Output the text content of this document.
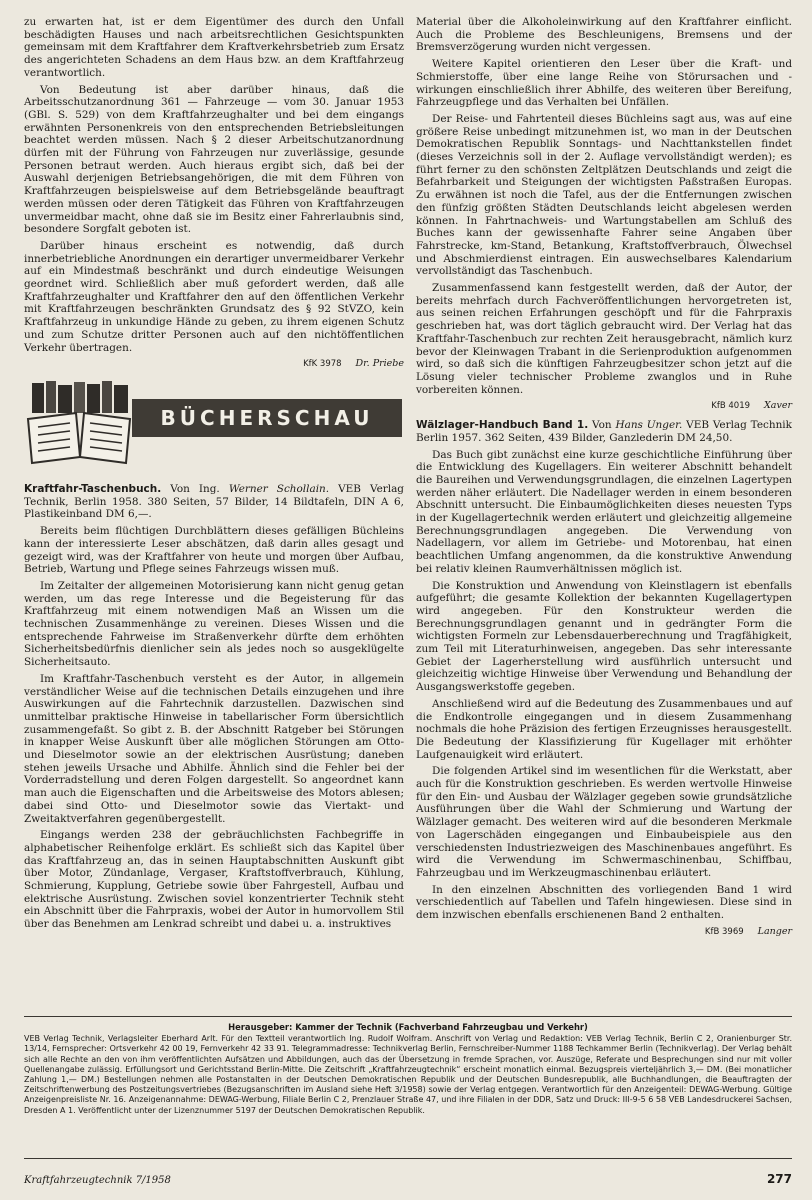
zu erwarten hat, ist er dem Eigentümer des durch den Unfall beschädigten Hauses und nach arbeitsrechtlichen Gesichtspunkten gemeinsam mit dem Kraftfahrer dem Kraftverkehrsbetrieb zum Ersatz des angerichteten Schadens an dem Haus bzw. an dem Kraftfahrzeug verantwortlich.

Von Bedeutung ist aber darüber hinaus, daß die Arbeitsschutzanordnung 361 — Fahrzeuge — vom 30. Januar 1953 (GBl. S. 529) von dem Kraftfahrzeughalter und bei dem eingangs erwähnten Personenkreis von den entsprechenden Betriebsleitungen beachtet werden müssen. Nach § 2 dieser Arbeitschutzanordnung dürfen mit der Führung von Fahrzeugen nur zuverlässige, gesunde Personen betraut werden. Auch hieraus ergibt sich, daß bei der Auswahl derjenigen Betriebsangehörigen, die mit dem Führen von Kraftfahrzeugen beispielsweise auf dem Betriebsgelände beauftragt werden müssen oder deren Tätigkeit das Führen von Kraftfahrzeugen unvermeidbar macht, ohne daß sie im Besitz einer Fahrerlaubnis sind, besondere Sorgfalt geboten ist.

Darüber hinaus erscheint es notwendig, daß durch innerbetriebliche Anordnungen ein derartiger unvermeidbarer Verkehr auf ein Mindestmaß beschränkt und durch eindeutige Weisungen geordnet wird. Schließlich aber muß gefordert werden, daß alle Kraftfahrzeughalter und Kraftfahrer den auf den öffentlichen Verkehr mit Kraftfahrzeugen beschränkten Grundsatz des § 92 StVZO, kein Kraftfahrzeug in unkundige Hände zu geben, zu ihrem eigenen Schutz und zum Schutze dritter Personen auch auf den nichtöffentlichen Verkehr übertragen.

KfK 3978 Dr. Priebe
BÜCHERSCHAU

Kraftfahr-Taschenbuch. Von Ing. Werner Schollain. VEB Verlag Technik, Berlin 1958. 380 Seiten, 57 Bilder, 14 Bildtafeln, DIN A 6, Plastikeinband DM 6,—.

Bereits beim flüchtigen Durchblättern dieses gefälligen Büchleins kann der interessierte Leser abschätzen, daß darin alles gesagt und gezeigt wird, was der Kraftfahrer von heute und morgen über Aufbau, Betrieb, Wartung und Pflege seines Fahrzeugs wissen muß.

Im Zeitalter der allgemeinen Motorisierung kann nicht genug getan werden, um das rege Interesse und die Begeisterung für das Kraftfahrzeug mit einem notwendigen Maß an Wissen um die technischen Zusammenhänge zu vereinen. Dieses Wissen und die entsprechende Fahrweise im Straßenverkehr dürfte dem erhöhten Sicherheitsbedürfnis dienlicher sein als jedes noch so ausgeklügelte Sicherheitsauto.

Im Kraftfahr-Taschenbuch versteht es der Autor, in allgemein verständlicher Weise auf die technischen Details einzugehen und ihre Auswirkungen auf die Fahrtechnik darzustellen. Dazwischen sind unmittelbar praktische Hinweise in tabellarischer Form übersichtlich zusammengefaßt. So gibt z. B. der Abschnitt Ratgeber bei Störungen in knapper Weise Auskunft über alle möglichen Störungen am Otto- und Dieselmotor sowie an der elektrischen Ausrüstung; daneben stehen jeweils Ursache und Abhilfe. Ähnlich sind die Fehler bei der Vorderradstellung und deren Folgen dargestellt. So angeordnet kann man auch die Eigenschaften und die Arbeitsweise des Motors ablesen; dabei sind Otto- und Dieselmotor sowie das Viertakt- und Zweitaktverfahren gegenübergestellt.

Eingangs werden 238 der gebräuchlichsten Fachbegriffe in alphabetischer Reihenfolge erklärt. Es schließt sich das Kapitel über das Kraftfahrzeug an, das in seinen Hauptabschnitten Auskunft gibt über Motor, Zündanlage, Vergaser, Kraftstoffverbrauch, Kühlung, Schmierung, Kupplung, Getriebe sowie über Fahrgestell, Aufbau und elektrische Ausrüstung. Zwischen soviel konzentrierter Technik steht ein Abschnitt über die Fahrpraxis, wobei der Autor in humorvollem Stil über das Benehmen am Lenkrad schreibt und dabei u. a. instruktives

Material über die Alkoholeinwirkung auf den Kraftfahrer einflicht. Auch die Probleme des Beschleunigens, Bremsens und der Bremsverzögerung wurden nicht vergessen.

Weitere Kapitel orientieren den Leser über die Kraft- und Schmierstoffe, über eine lange Reihe von Störursachen und -wirkungen einschließlich ihrer Abhilfe, des weiteren über Bereifung, Fahrzeugpflege und das Verhalten bei Unfällen.

Der Reise- und Fahrtenteil dieses Büchleins sagt aus, was auf eine größere Reise unbedingt mitzunehmen ist, wo man in der Deutschen Demokratischen Republik Sonntags- und Nachttankstellen findet (dieses Verzeichnis soll in der 2. Auflage vervollständigt werden); es führt ferner zu den schönsten Zeltplätzen Deutschlands und zeigt die Befahrbarkeit und Steigungen der wichtigsten Paßstraßen Europas. Zu erwähnen ist noch die Tafel, aus der die Entfernungen zwischen den fünfzig größten Städten Deutschlands leicht abgelesen werden können. In Fahrtnachweis- und Wartungstabellen am Schluß des Buches kann der gewissenhafte Fahrer seine Angaben über Fahrstrecke, km-Stand, Betankung, Kraftstoffverbrauch, Ölwechsel und Abschmierdienst eintragen. Ein auswechselbares Kalendarium vervollständigt das Taschenbuch.

Zusammenfassend kann festgestellt werden, daß der Autor, der bereits mehrfach durch Fachveröffentlichungen hervorgetreten ist, aus seinen reichen Erfahrungen geschöpft und für die Fahrpraxis geschrieben hat, was dort täglich gebraucht wird. Der Verlag hat das Kraftfahr-Taschenbuch zur rechten Zeit herausgebracht, nämlich kurz bevor der Kleinwagen Trabant in die Serienproduktion aufgenommen wird, so daß sich die künftigen Fahrzeugbesitzer schon jetzt auf die Lösung vieler technischer Probleme zwanglos und in Ruhe vorbereiten können.

KfB 4019 Xaver

Wälzlager-Handbuch Band 1. Von Hans Unger. VEB Verlag Technik Berlin 1957. 362 Seiten, 439 Bilder, Ganzlederin DM 24,50.

Das Buch gibt zunächst eine kurze geschichtliche Einführung über die Entwicklung des Kugellagers. Ein weiterer Abschnitt behandelt die Baureihen und Verwendungsgrundlagen, die einzelnen Lagertypen werden näher erläutert. Die Nadellager werden in einem besonderen Abschnitt untersucht. Die Einbaumöglichkeiten dieses neuesten Typs in der Kugellagertechnik werden erläutert und gleichzeitig allgemeine Berechnungsgrundlagen angegeben. Die Verwendung von Nadellagern, vor allem im Getriebe- und Motorenbau, hat einen beachtlichen Umfang angenommen, da die konstruktive Anwendung bei relativ kleinen Raumverhältnissen möglich ist.

Die Konstruktion und Anwendung von Kleinstlagern ist ebenfalls aufgeführt; die gesamte Kollektion der bekannten Kugellagertypen wird angegeben. Für den Konstrukteur werden die Berechnungsgrundlagen genannt und in gedrängter Form die wichtigsten Formeln zur Lebensdauerberechnung und Tragfähigkeit, zum Teil mit Literaturhinweisen, angegeben. Das sehr interessante Gebiet der Lagerherstellung wird ausführlich untersucht und gleichzeitig wichtige Hinweise über Verwendung und Behandlung der Ausgangswerkstoffe gegeben.

Anschließend wird auf die Bedeutung des Zusammenbaues und auf die Endkontrolle eingegangen und in diesem Zusammenhang nochmals die hohe Präzision des fertigen Erzeugnisses herausgestellt. Die Bedeutung der Klassifizierung für Kugellager mit erhöhter Laufgenauigkeit wird erläutert.

Die folgenden Artikel sind im wesentlichen für die Werkstatt, aber auch für die Konstruktion geschrieben. Es werden wertvolle Hinweise für den Ein- und Ausbau der Wälzlager gegeben sowie grundsätzliche Ausführungen über die Wahl der Schmierung und Wartung der Wälzlager gemacht. Des weiteren wird auf die besonderen Merkmale von Lagerschäden eingegangen und Einbaubeispiele aus den verschiedensten Industriezweigen des Maschinenbaues angeführt. Es wird die Verwendung im Schwermaschinenbau, Schiffbau, Fahrzeugbau und im Werkzeugmaschinenbau erläutert.

In den einzelnen Abschnitten des vorliegenden Band 1 wird verschiedentlich auf Tabellen und Tafeln hingewiesen. Diese sind in dem inzwischen ebenfalls erschienenen Band 2 enthalten.

KfB 3969 Langer
Herausgeber: Kammer der Technik (Fachverband Fahrzeugbau und Verkehr)
VEB Verlag Technik, Verlagsleiter Eberhard Arlt. Für den Textteil verantwortlich Ing. Rudolf Wolfram. Anschrift von Verlag und Redaktion: VEB Verlag Technik, Berlin C 2, Oranienburger Str. 13/14, Fernsprecher: Ortsverkehr 42 00 19, Fernverkehr 42 33 91. Telegrammadresse: Technikverlag Berlin, Fernschreiber-Nummer 1188 Techkammer Berlin (Technikverlag). Der Verlag behält sich alle Rechte an den von ihm veröffentlichten Aufsätzen und Abbildungen, auch das der Übersetzung in fremde Sprachen, vor. Auszüge, Referate und Besprechungen sind nur mit voller Quellenangabe zulässig. Erfüllungsort und Gerichtsstand Berlin-Mitte. Die Zeitschrift „Kraftfahrzeugtechnik“ erscheint monatlich einmal. Bezugspreis vierteljährlich 3,— DM. (Bei monatlicher Zahlung 1,— DM.) Bestellungen nehmen alle Postanstalten in der Deutschen Demokratischen Republik und der Deutschen Bundesrepublik, alle Buchhandlungen, die Beauftragten der Zeitschriftenwerbung des Postzeitungsvertriebes (Bezugsanschriften im Ausland siehe Heft 3/1958) sowie der Verlag entgegen. Verantwortlich für den Anzeigenteil: DEWAG-Werbung. Gültige Anzeigenpreisliste Nr. 16. Anzeigenannahme: DEWAG-Werbung, Filiale Berlin C 2, Prenzlauer Straße 47, und ihre Filialen in der DDR, Satz und Druck: III-9-5 6 58 VEB Landesdruckerei Sachsen, Dresden A 1. Veröffentlicht unter der Lizenznummer 5197 der Deutschen Demokratischen Republik.
Kraftfahrzeugtechnik 7/1958	277
